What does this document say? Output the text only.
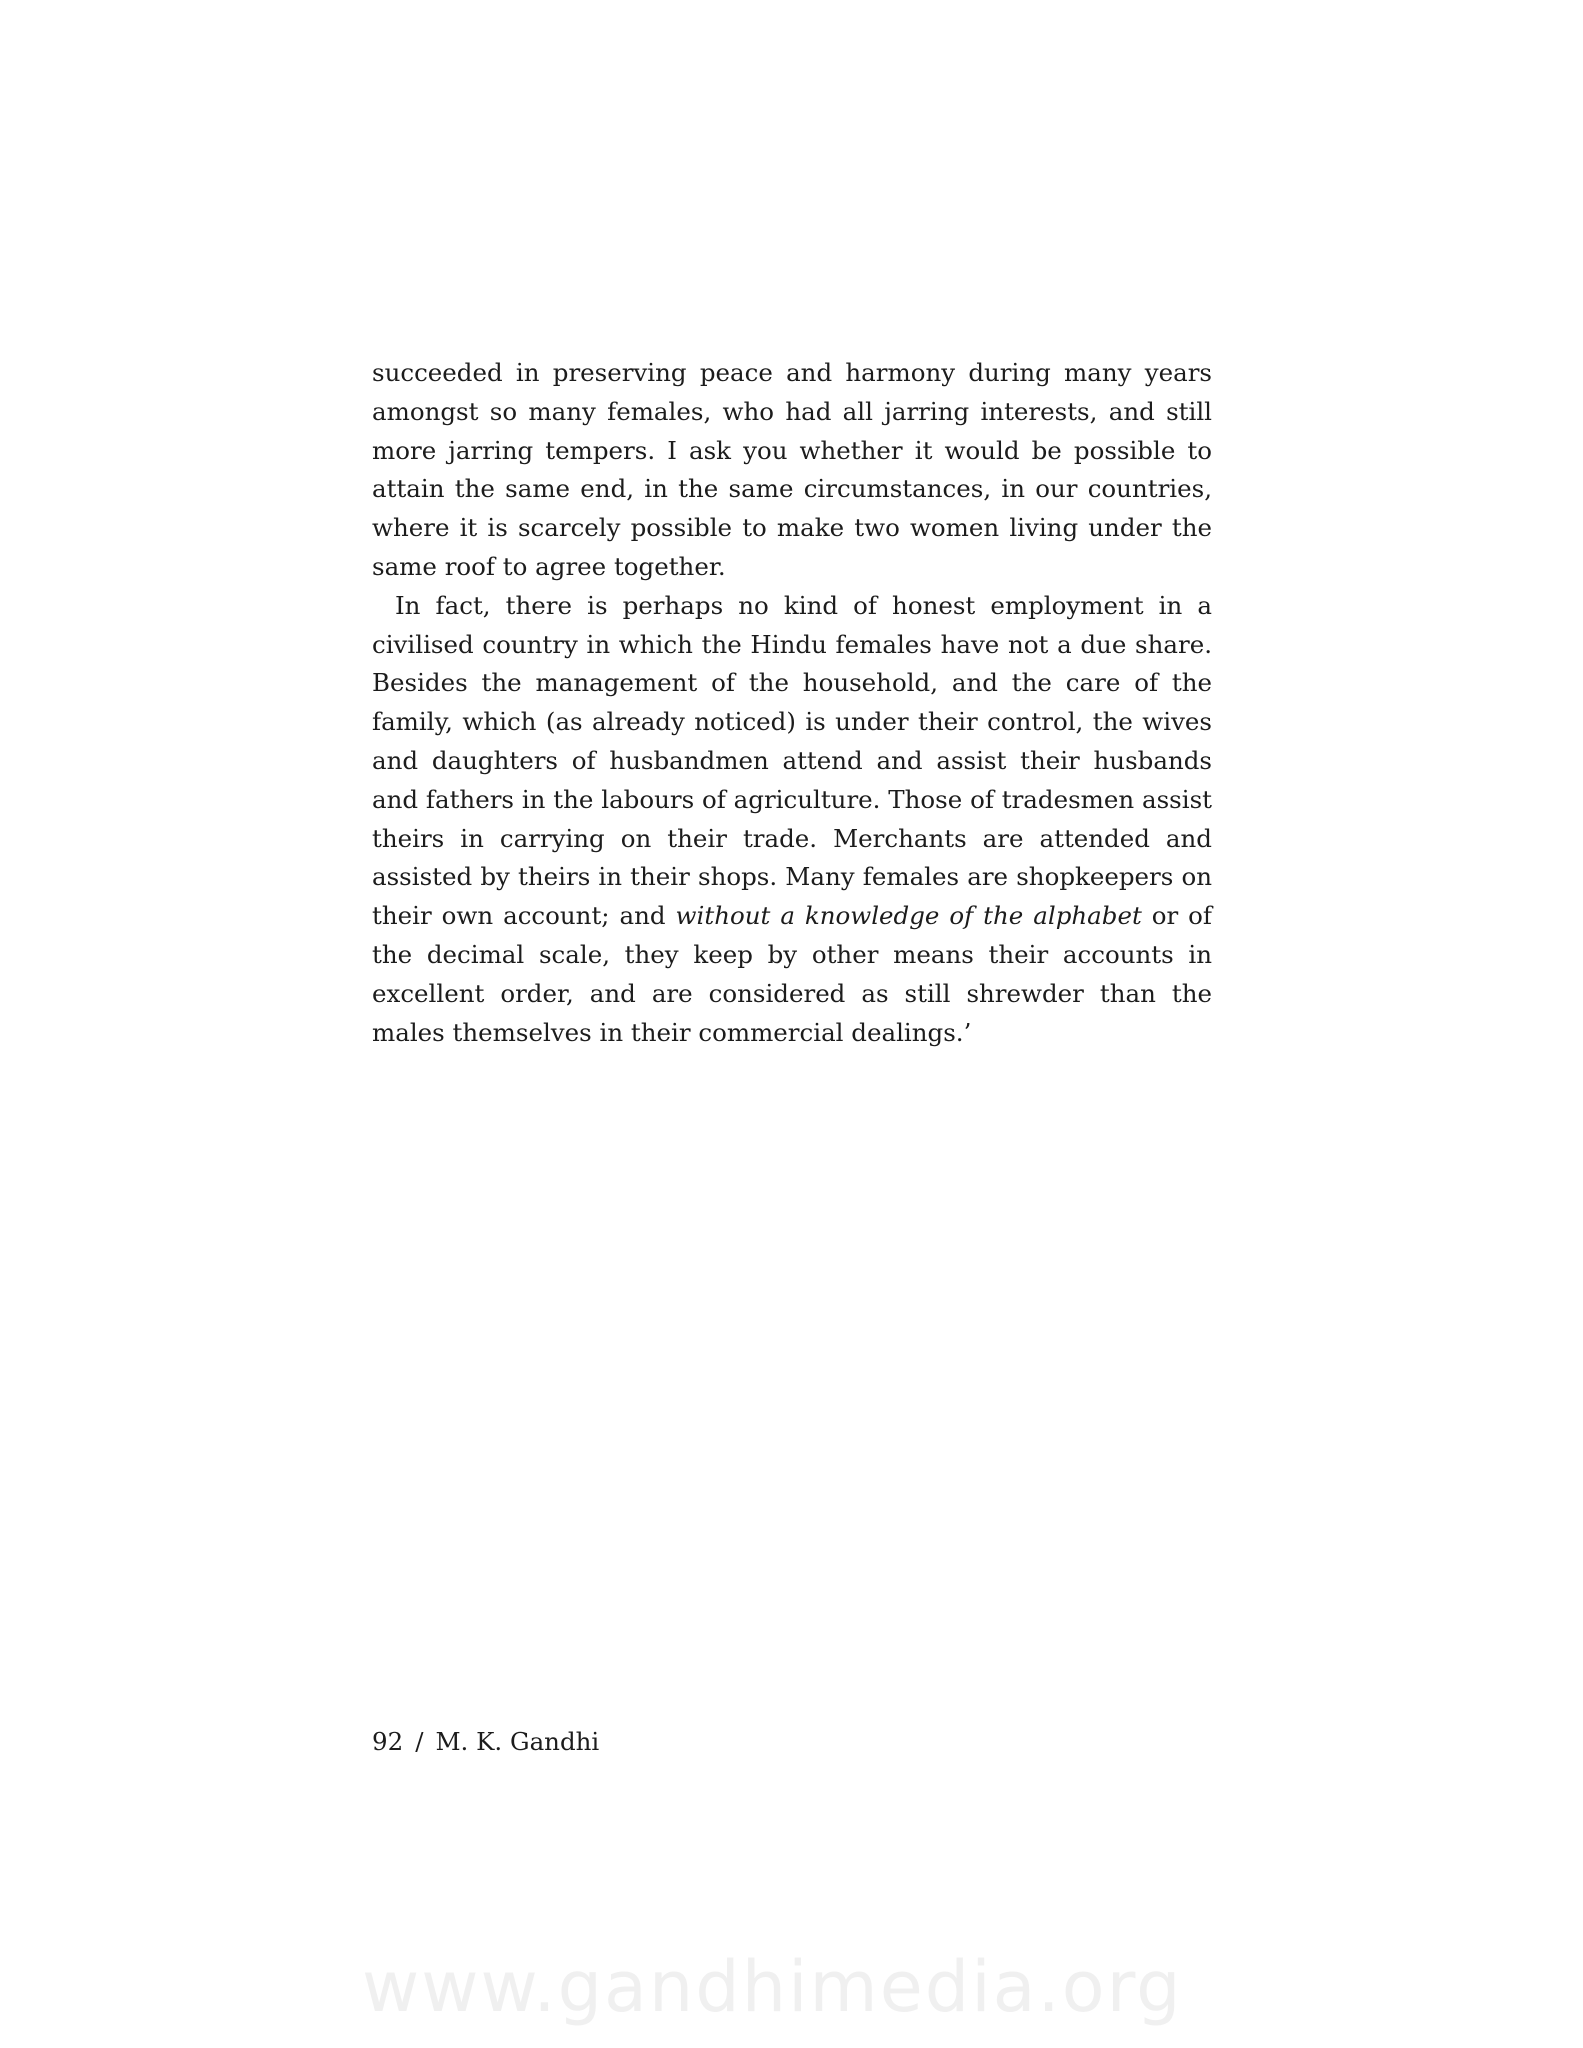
succeeded in preserving peace and harmony during many years amongst so many females, who had all jarring interests, and still more jarring tempers. I ask you whether it would be possible to attain the same end, in the same circumstances, in our countries, where it is scarcely possible to make two women living under the same roof to agree together.

In fact, there is perhaps no kind of honest employment in a civilised country in which the Hindu females have not a due share. Besides the management of the household, and the care of the family, which (as already noticed) is under their control, the wives and daughters of husbandmen attend and assist their husbands and fathers in the labours of agriculture. Those of tradesmen assist theirs in carrying on their trade. Merchants are attended and assisted by theirs in their shops. Many females are shopkeepers on their own account; and without a knowledge of the alphabet or of the decimal scale, they keep by other means their accounts in excellent order, and are considered as still shrewder than the males themselves in their commercial dealings.’

92 / M. K. Gandhi
www.gandhimedia.org
